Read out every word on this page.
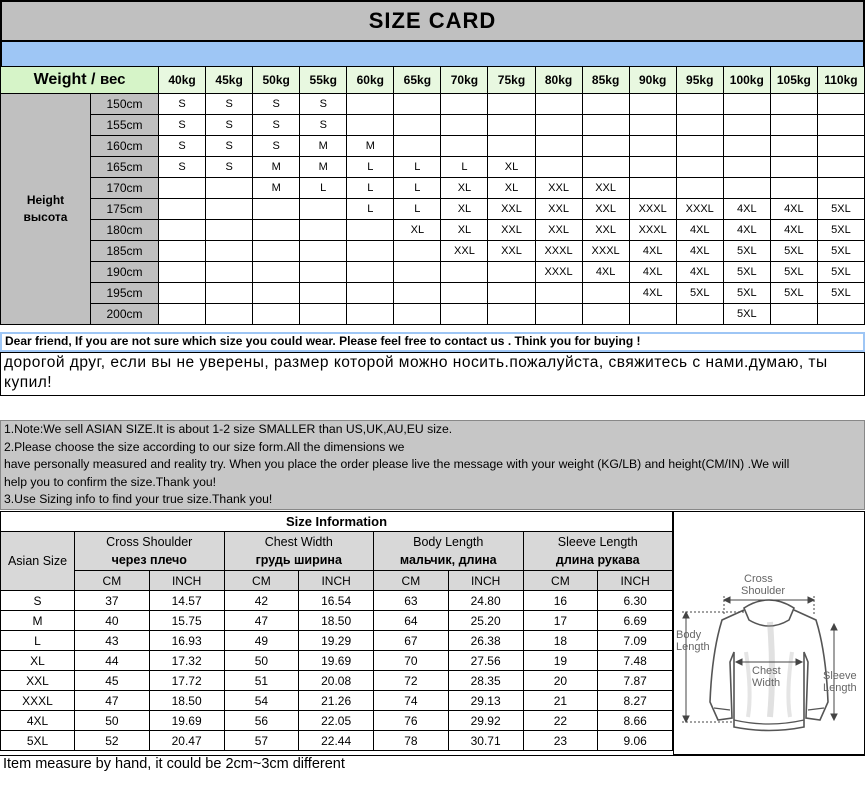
SIZE CARD
Weight / вес		40kg	45kg	50kg	55kg	60kg	65kg	70kg	75kg	80kg	85kg	90kg	95kg	100kg	105kg	110kg

Height
высота	150cm	S	S	S	S											
	155cm	S	S	S	S											
	160cm	S	S	S	M	M										
	165cm	S	S	M	M	L	L	L	XL							
	170cm			M	L	L	L	XL	XL	XXL	XXL					
	175cm					L	L	XL	XXL	XXL	XXL	XXXL	XXXL	4XL	4XL	5XL
	180cm						XL	XL	XXL	XXL	XXL	XXXL	4XL	4XL	4XL	5XL
	185cm							XXL	XXL	XXXL	XXXL	4XL	4XL	5XL	5XL	5XL
	190cm									XXXL	4XL	4XL	4XL	5XL	5XL	5XL
	195cm											4XL	5XL	5XL	5XL	5XL
	200cm													5XL		
Dear friend, If you are not sure which size you could wear. Please feel free to contact us . Think you for buying !
дорогой друг, если вы не уверены, размер которой можно носить.пожалуйста, свяжитесь с нами.думаю, ты купил!
1.Note:We sell ASIAN SIZE.It is about 1-2 size SMALLER than US,UK,AU,EU size.
2.Please choose the size according to our size form.All the dimensions we
have personally measured and reality try. When you place the order please live the message with your weight (KG/LB) and height(CM/IN) .We will
help you to confirm the size.Thank you!
3.Use Sizing info to find your true size.Thank you!
Size Information								
Asian Size	Cross Shoulder
через плечо		Chest Width
грудь ширина		Body Length
мальчик, длина		Sleeve Length
длина рукава	
	CM	INCH	CM	INCH	CM	INCH	CM	INCH
S	37	14.57	42	16.54	63	24.80	16	6.30
M	40	15.75	47	18.50	64	25.20	17	6.69
L	43	16.93	49	19.29	67	26.38	18	7.09
XL	44	17.32	50	19.69	70	27.56	19	7.48
XXL	45	17.72	51	20.08	72	28.35	20	7.87
XXXL	47	18.50	54	21.26	74	29.13	21	8.27
4XL	50	19.69	56	22.05	76	29.92	22	8.66
5XL	52	20.47	57	22.44	78	30.71	23	9.06
Cross
Shoulder
Body
Length
Chest
Width
Sleeve
Length
Item measure by hand, it could be 2cm~3cm different
